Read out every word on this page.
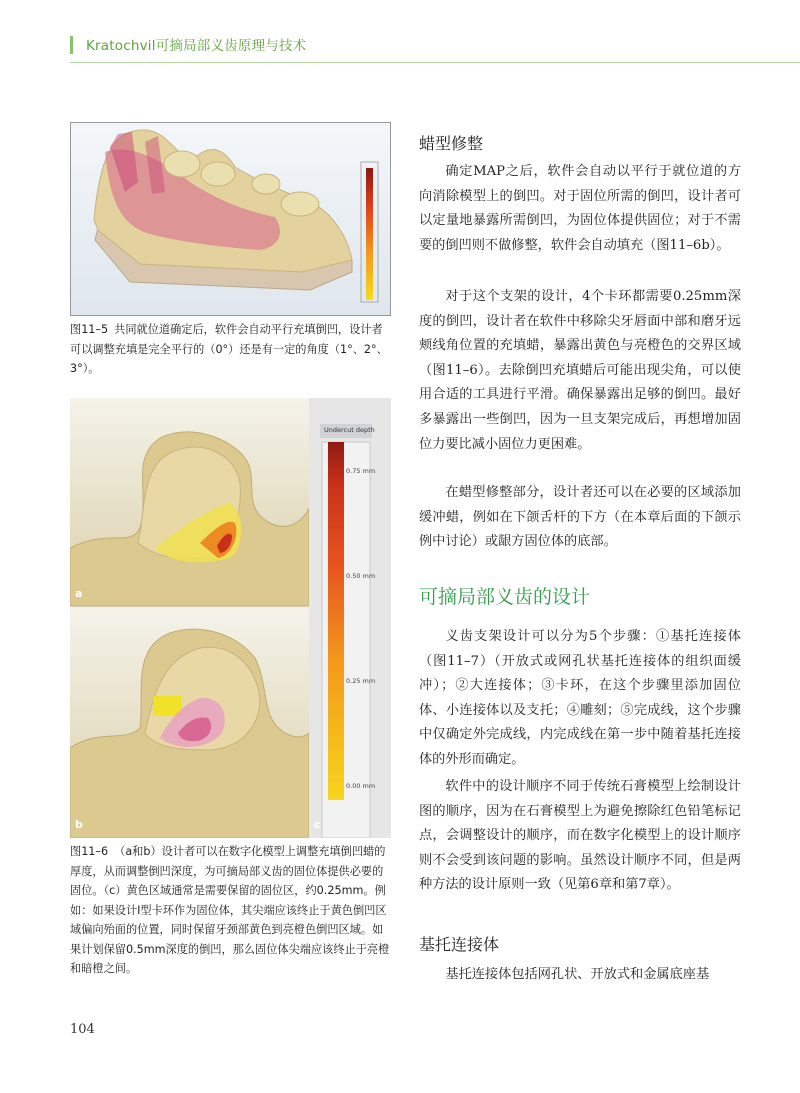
Kratochvil可摘局部义齿原理与技术

图11–5 共同就位道确定后，软件会自动平行充填倒凹，设计者可以调整充填是完全平行的（0°）还是有一定的角度（1°、2°、3°）。

a
b	c
Undercut depth
0.75 mm
0.50 mm
0.25 mm
0.00 mm

图11–6 （a和b）设计者可以在数字化模型上调整充填倒凹蜡的厚度，从而调整倒凹深度，为可摘局部义齿的固位体提供必要的固位。（c）黄色区域通常是需要保留的固位区，约0.25mm。例如：如果设计I型卡环作为固位体，其尖端应该终止于黄色倒凹区域偏向殆面的位置，同时保留牙颈部黄色到亮橙色倒凹区域。如果计划保留0.5mm深度的倒凹，那么固位体尖端应该终止于亮橙和暗橙之间。

蜡型修整

确定MAP之后，软件会自动以平行于就位道的方向消除模型上的倒凹。对于固位所需的倒凹，设计者可以定量地暴露所需倒凹，为固位体提供固位；对于不需要的倒凹则不做修整，软件会自动填充（图11–6b）。

对于这个支架的设计，4个卡环都需要0.25mm深度的倒凹，设计者在软件中移除尖牙唇面中部和磨牙远颊线角位置的充填蜡，暴露出黄色与亮橙色的交界区域（图11–6）。去除倒凹充填蜡后可能出现尖角，可以使用合适的工具进行平滑。确保暴露出足够的倒凹。最好多暴露出一些倒凹，因为一旦支架完成后，再想增加固位力要比减小固位力更困难。

在蜡型修整部分，设计者还可以在必要的区域添加缓冲蜡，例如在下颌舌杆的下方（在本章后面的下颌示例中讨论）或龈方固位体的底部。

可摘局部义齿的设计

义齿支架设计可以分为5个步骤：①基托连接体（图11–7）（开放式或网孔状基托连接体的组织面缓冲）；②大连接体；③卡环，在这个步骤里添加固位体、小连接体以及支托；④雕刻；⑤完成线，这个步骤中仅确定外完成线，内完成线在第一步中随着基托连接体的外形而确定。

软件中的设计顺序不同于传统石膏模型上绘制设计图的顺序，因为在石膏模型上为避免擦除红色铅笔标记点，会调整设计的顺序，而在数字化模型上的设计顺序则不会受到该问题的影响。虽然设计顺序不同，但是两种方法的设计原则一致（见第6章和第7章）。

基托连接体

基托连接体包括网孔状、开放式和金属底座基

104
